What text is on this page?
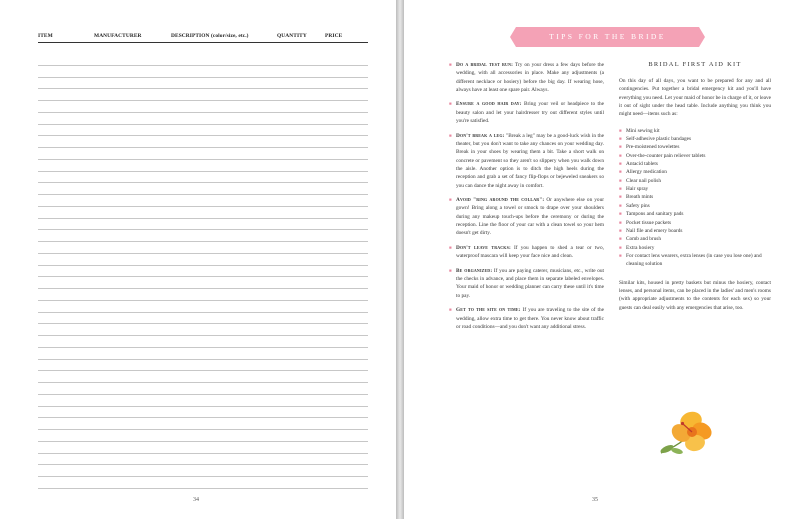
ITEM	MANUFACTURER	DESCRIPTION (color/size, etc.)	QUANTITY	PRICE
34
TIPS FOR THE BRIDE

■ Do a bridal test run: Try on your dress a few days before the wedding, with all accessories in place. Make any adjustments (a different necklace or hosiery) before the big day. If wearing hose, always have at least one spare pair. Always.

■ Ensure a good hair day: Bring your veil or headpiece to the beauty salon and let your hairdresser try out different styles until you're satisfied.

■ Don't break a leg: "Break a leg" may be a good-luck wish in the theater, but you don't want to take any chances on your wedding day. Break in your shoes by wearing them a bit. Take a short walk on concrete or pavement so they aren't so slippery when you walk down the aisle. Another option is to ditch the high heels during the reception and grab a set of fancy flip-flops or bejeweled sneakers so you can dance the night away in comfort.

■ Avoid "ring around the collar": Or anywhere else on your gown! Bring along a towel or smock to drape over your shoulders during any makeup touch-ups before the ceremony or during the reception. Line the floor of your car with a clean towel so your hem doesn't get dirty.

■ Don't leave tracks: If you happen to shed a tear or two, waterproof mascara will keep your face nice and clean.

■ Be organized: If you are paying caterer, musicians, etc., write out the checks in advance, and place them in separate labeled envelopes. Your maid of honor or wedding planner can carry these until it's time to pay.

■ Get to the site on time: If you are traveling to the site of the wedding, allow extra time to get there. You never know about traffic or road conditions—and you don't want any additional stress.

BRIDAL FIRST AID KIT

On this day of all days, you want to be prepared for any and all contingencies. Put together a bridal emergency kit and you'll have everything you need. Let your maid of honor be in charge of it, or leave it out of sight under the head table. Include anything you think you might need—items such as:

■ Mini sewing kit
■ Self-adhesive plastic bandages
■ Pre-moistened towelettes
■ Over-the-counter pain reliever tablets
■ Antacid tablets
■ Allergy medication
■ Clear nail polish
■ Hair spray
■ Breath mints
■ Safety pins
■ Tampons and sanitary pads
■ Pocket tissue packets
■ Nail file and emery boards
■ Comb and brush
■ Extra hosiery
■ For contact lens wearers, extra lenses (in case you lose one) and cleaning solution

Similar kits, housed in pretty baskets but minus the hosiery, contact lenses, and personal items, can be placed in the ladies' and men's rooms (with appropriate adjustments to the contents for each sex) so your guests can deal easily with any emergencies that arise, too.

35
